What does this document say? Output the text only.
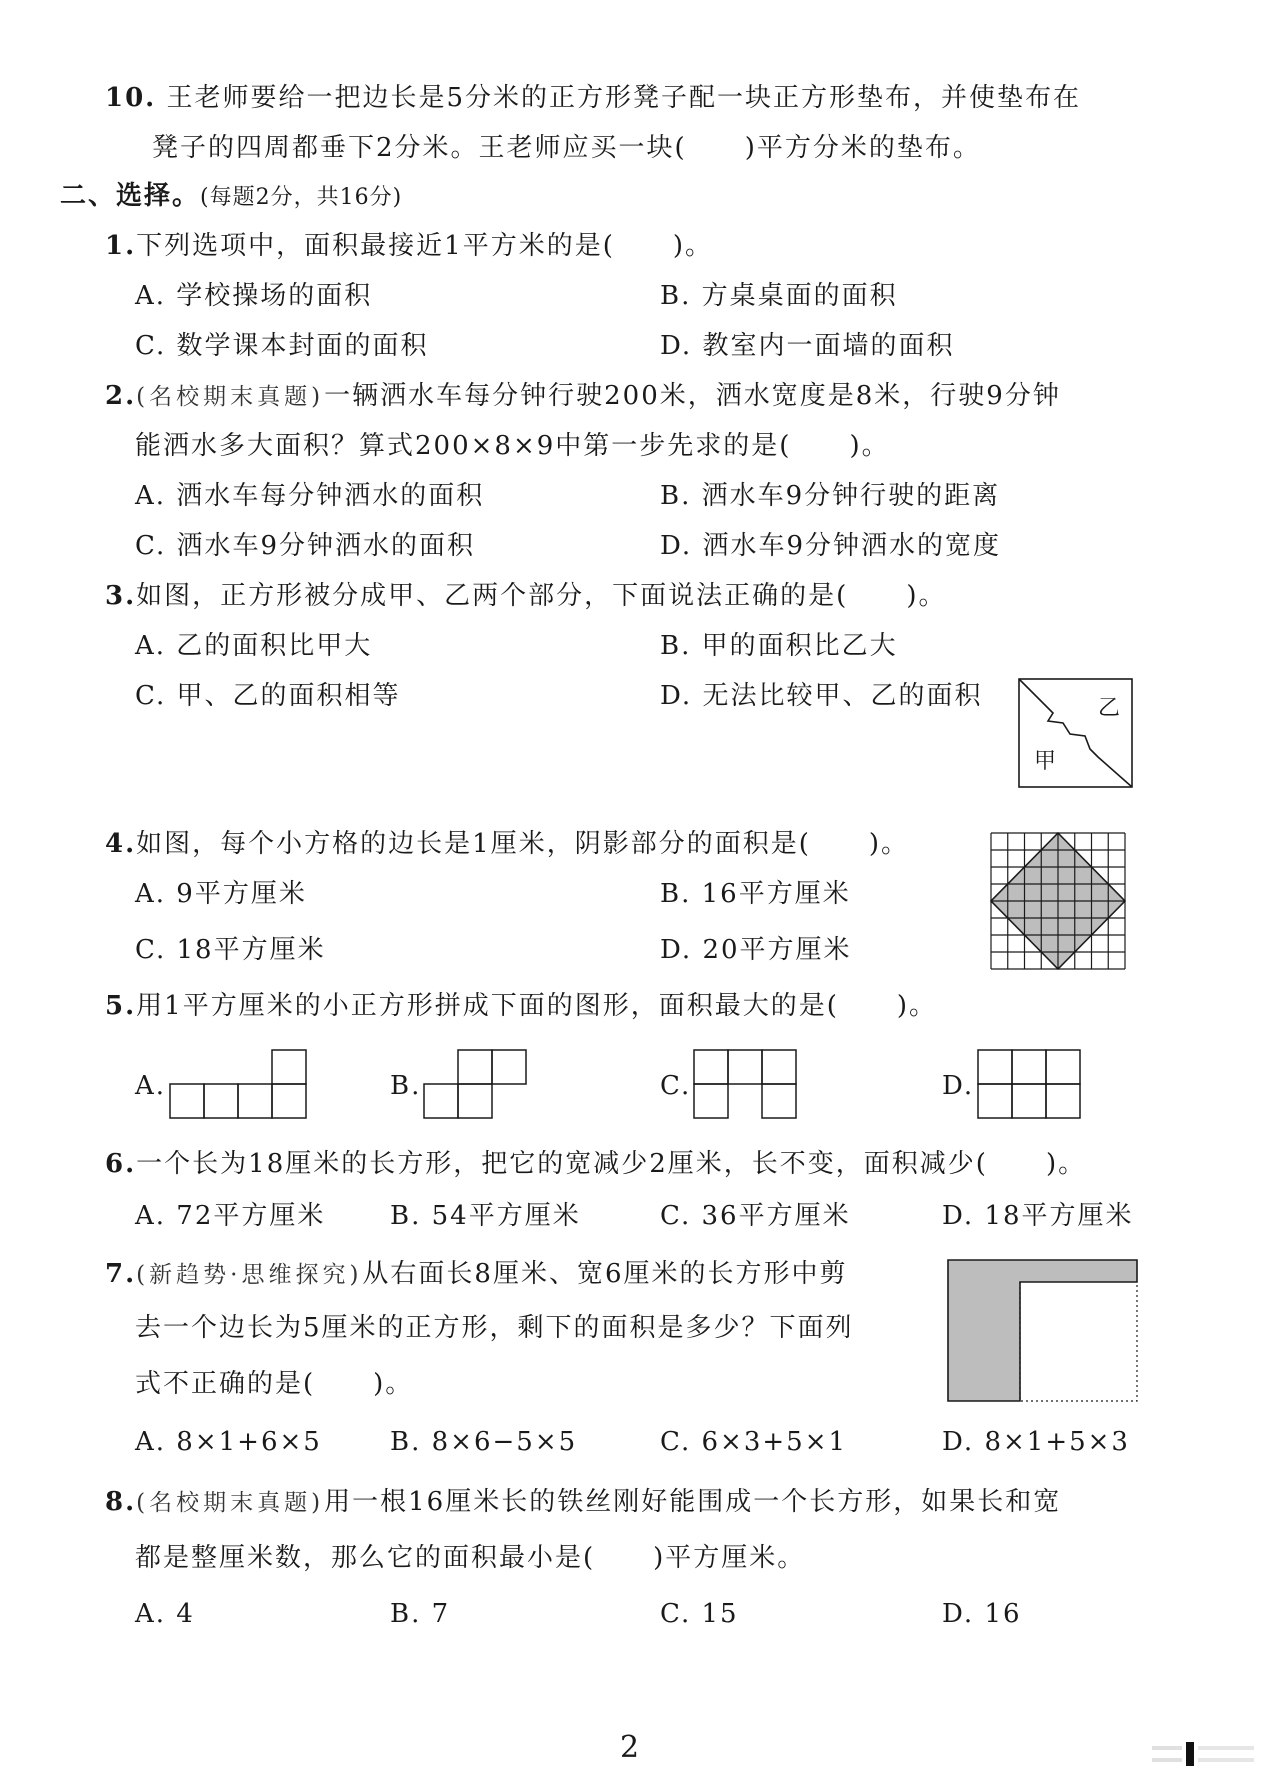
10. 王老师要给一把边长是5分米的正方形凳子配一块正方形垫布，并使垫布在
凳子的四周都垂下2分米。王老师应买一块( )平方分米的垫布。
二、选择。(每题2分，共16分)
1.下列选项中，面积最接近1平方米的是( )。
A. 学校操场的面积	B. 方桌桌面的面积
C. 数学课本封面的面积	D. 教室内一面墙的面积
2.(名校期末真题)一辆洒水车每分钟行驶200米，洒水宽度是8米，行驶9分钟
能洒水多大面积？算式200×8×9中第一步先求的是( )。
A. 洒水车每分钟洒水的面积	B. 洒水车9分钟行驶的距离
C. 洒水车9分钟洒水的面积	D. 洒水车9分钟洒水的宽度
3.如图，正方形被分成甲、乙两个部分，下面说法正确的是( )。
A. 乙的面积比甲大	B. 甲的面积比乙大
C. 甲、乙的面积相等	D. 无法比较甲、乙的面积	乙
甲
4.如图，每个小方格的边长是1厘米，阴影部分的面积是( )。
A. 9平方厘米	B. 16平方厘米
C. 18平方厘米	D. 20平方厘米
5.用1平方厘米的小正方形拼成下面的图形，面积最大的是( )。
A.	B.	C.	D.
6.一个长为18厘米的长方形，把它的宽减少2厘米，长不变，面积减少( )。
A. 72平方厘米 B. 54平方厘米	C. 36平方厘米	D. 18平方厘米
7.(新趋势·思维探究)从右面长8厘米、宽6厘米的长方形中剪
去一个边长为5厘米的正方形，剩下的面积是多少？下面列
式不正确的是( )。
A. 8×1+6×5	B. 8×6−5×5	C. 6×3+5×1	D. 8×1+5×3
8.(名校期末真题)用一根16厘米长的铁丝刚好能围成一个长方形，如果长和宽
都是整厘米数，那么它的面积最小是( )平方厘米。
A. 4	B. 7	C. 15	D. 16
2
